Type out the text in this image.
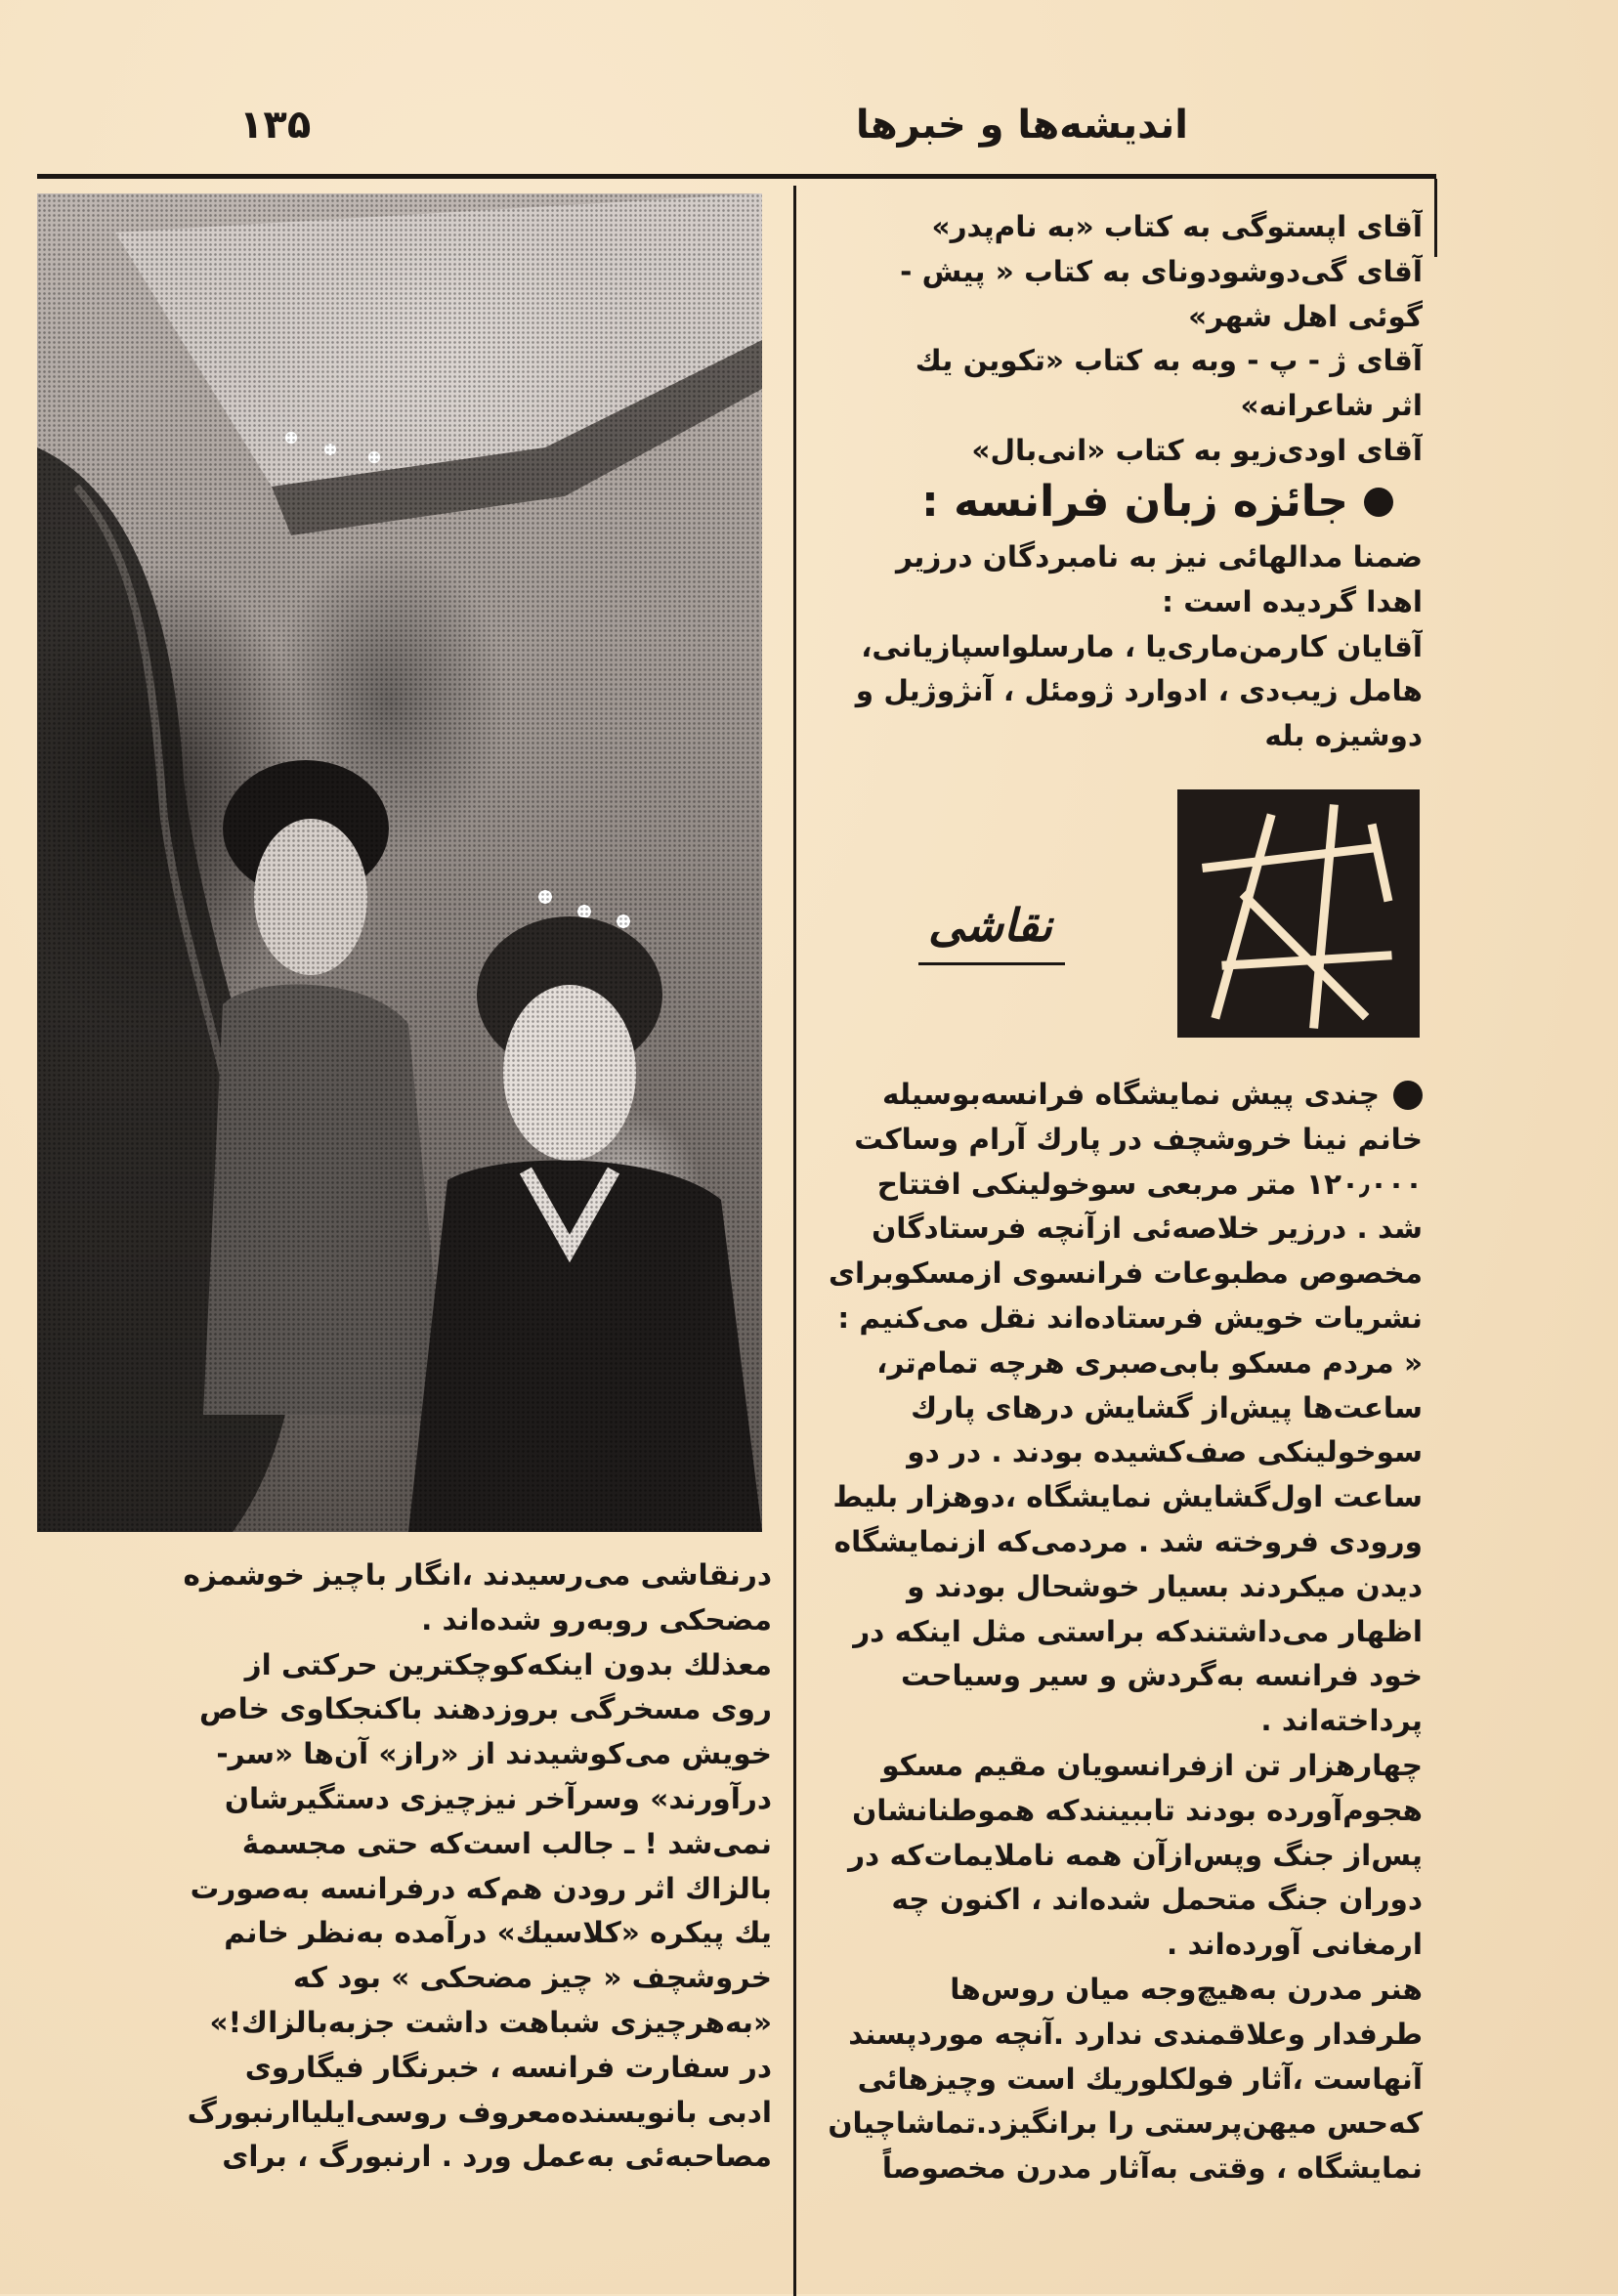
اندیشه‌ها و خبرها
۱۳۵

آقای اپستوگی به کتاب «به نام‌پدر»

آقای گی‌دوشودوناى به کتاب « پیش -

گوئی اهل شهر»

آقای ژ - پ - وبه به کتاب «تکوین یك

اثر شاعرانه»

آقای اودی‌زیو به کتاب «انی‌بال»

جائزه زبان فرانسه :

ضمنا مدالهائی نیز به نامبردگان درزیر

اهدا گردیده است :

آقایان کارمن‌ماری‌یا ، مارسلواسپازیانی،

هامل زیب‌دی ، ادوارد ژومئل ، آنژوژیل و

دوشیزه بله

نقاشی

چندی پیش نمایشگاه فرانسه‌بوسیله

خانم نینا خروشچف در پارك آرام وساکت

۱۲۰٫۰۰۰ متر مربعی سوخولینکی افتتاح

شد . درزیر خلاصه‌ئی ازآنچه فرستادگان

مخصوص مطبوعات فرانسوی ازمسکوبرای

نشریات خویش فرستاده‌اند نقل می‌کنیم :

« مردم مسکو بابی‌صبری هرچه تمام‌تر،

ساعت‌ها پیش‌از گشایش درهای پارك

سوخولینکی صف‌کشیده بودند . در دو

ساعت اول‌گشایش نمایشگاه ،دوهزار بلیط

ورودی فروخته شد . مردمی‌که ازنمایشگاه

دیدن میکردند بسیار خوشحال بودند و

اظهار می‌داشتندکه براستی مثل اینکه در

خود فرانسه به‌گردش و سیر وسیاحت

پرداخته‌اند .

چهارهزار تن ازفرانسویان مقیم مسکو

هجوم‌آورده بودند تاببینندکه هموطنانشان

پس‌از جنگ وپس‌ازآن همه ناملایمات‌که در

دوران جنگ متحمل شده‌اند ، اکنون چه

ارمغانی آورده‌اند .

هنر مدرن به‌هیچ‌وجه میان روس‌ها

طرفدار وعلاقمندی ندارد .آنچه موردپسند

آنهاست ،آثار فولکلوریك است وچیزهائی

که‌حس میهن‌پرستی را برانگیزد.تماشاچیان

نمایشگاه ، وقتی به‌آثار مدرن مخصوصاً

درنقاشی می‌رسیدند ،انگار باچیز خوشمزه

مضحکی روبه‌رو شده‌اند .

معذلك بدون اینکه‌کوچکترین حرکتی از

روی مسخرگی بروزدهند باکنجکاوی خاص

خویش می‌کوشیدند از «راز» آن‌ها «سر-

درآورند» وسرآخر نیزچیزی دستگیرشان

نمی‌شد ! ـ جالب است‌که حتی مجسمهٔ

بالزاك اثر رودن هم‌که درفرانسه به‌صورت

یك پیکره «کلاسیك» درآمده به‌نظر خانم

خروشچف « چیز مضحکی » بود که

«به‌هرچیزی شباهت داشت جزبه‌بالزاك!»

در سفارت فرانسه ، خبرنگار فیگاروی

ادبی بانویسنده‌معروف روسی‌ایلیاارنبورگ

مصاحبه‌ئی به‌عمل ورد . ارنبورگ ، برای
